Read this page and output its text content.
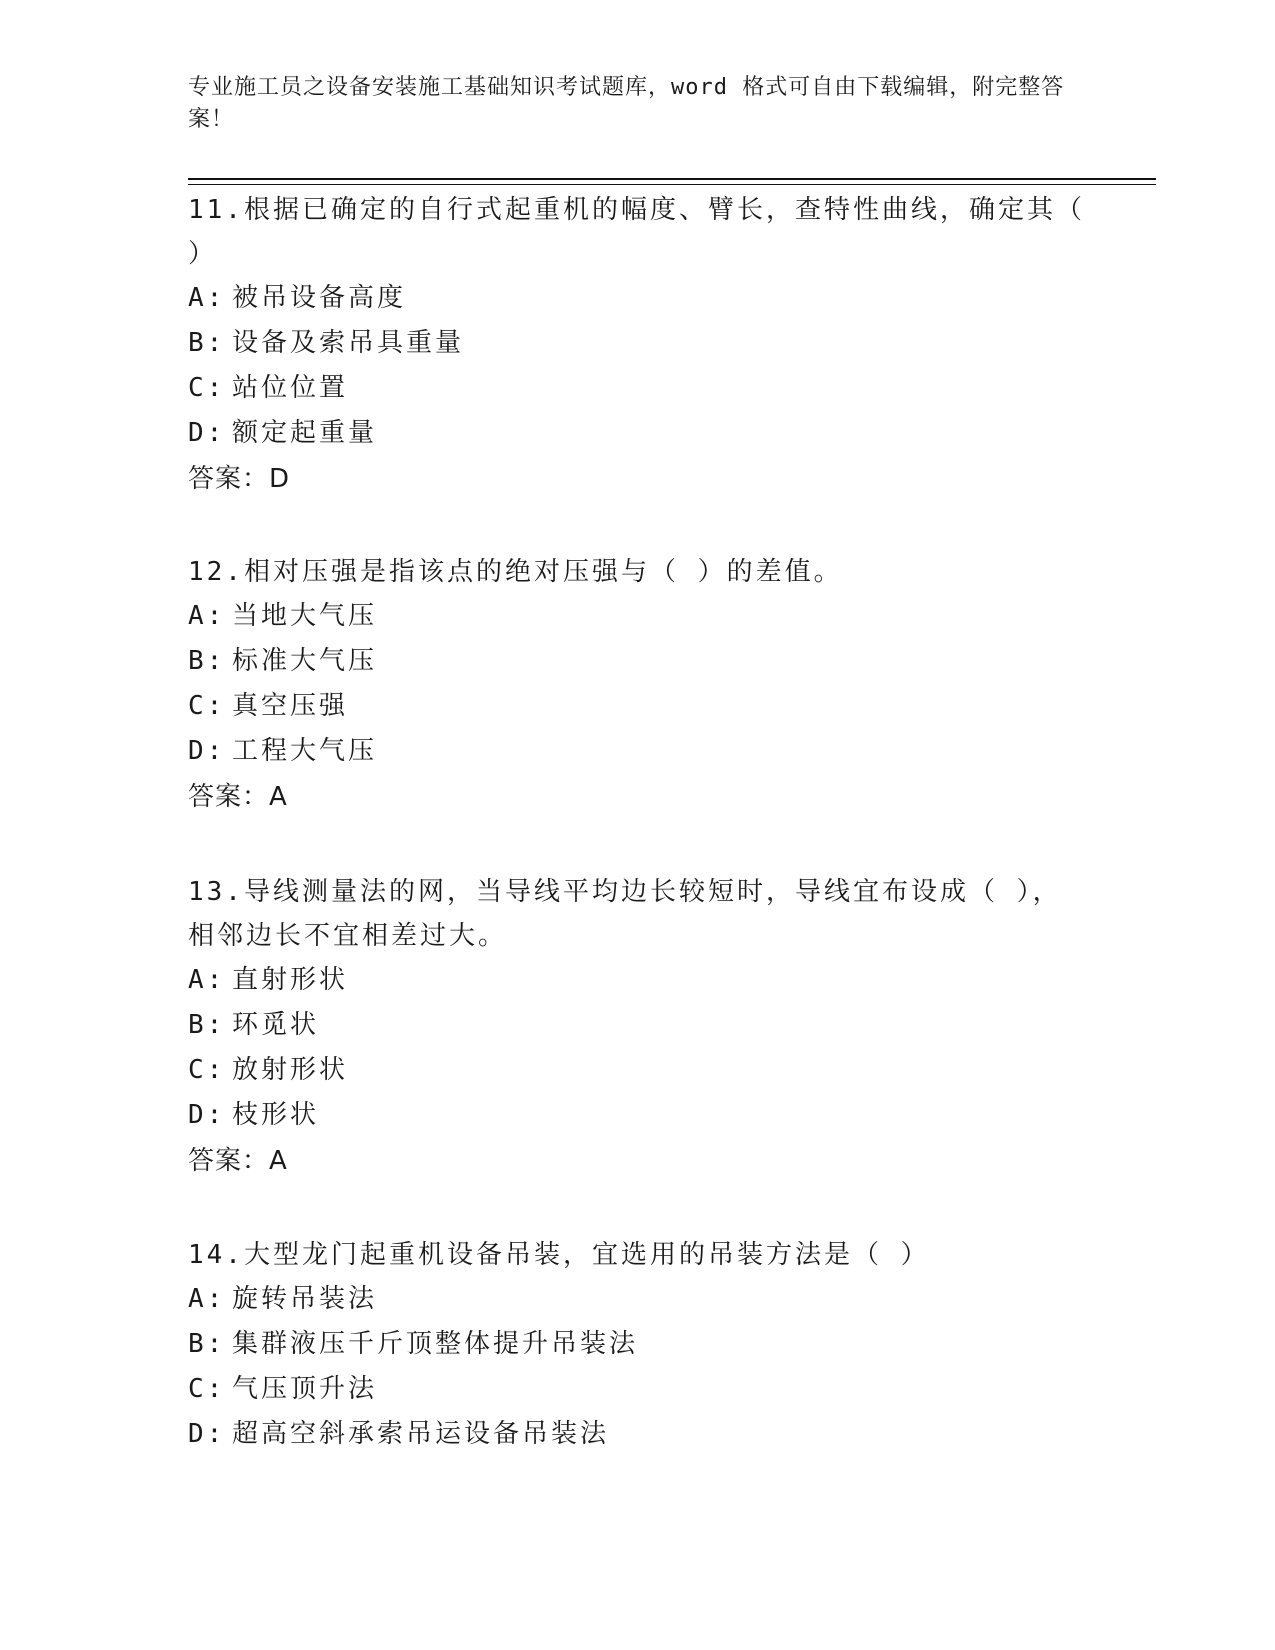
专业施工员之设备安装施工基础知识考试题库，word 格式可自由下载编辑，附完整答案！

11.根据已确定的自行式起重机的幅度、臂长，查特性曲线，确定其（ ）

A: 被吊设备高度

B: 设备及索吊具重量

C: 站位位置

D: 额定起重量

答案：D

12.相对压强是指该点的绝对压强与（ ）的差值。

A: 当地大气压

B: 标准大气压

C: 真空压强

D: 工程大气压

答案：A

13.导线测量法的网，当导线平均边长较短时，导线宜布设成（ ），相邻边长不宜相差过大。

A: 直射形状

B: 环觅状

C: 放射形状

D: 枝形状

答案：A

14.大型龙门起重机设备吊装，宜选用的吊装方法是（ ）

A: 旋转吊装法

B: 集群液压千斤顶整体提升吊装法

C: 气压顶升法

D: 超高空斜承索吊运设备吊装法
